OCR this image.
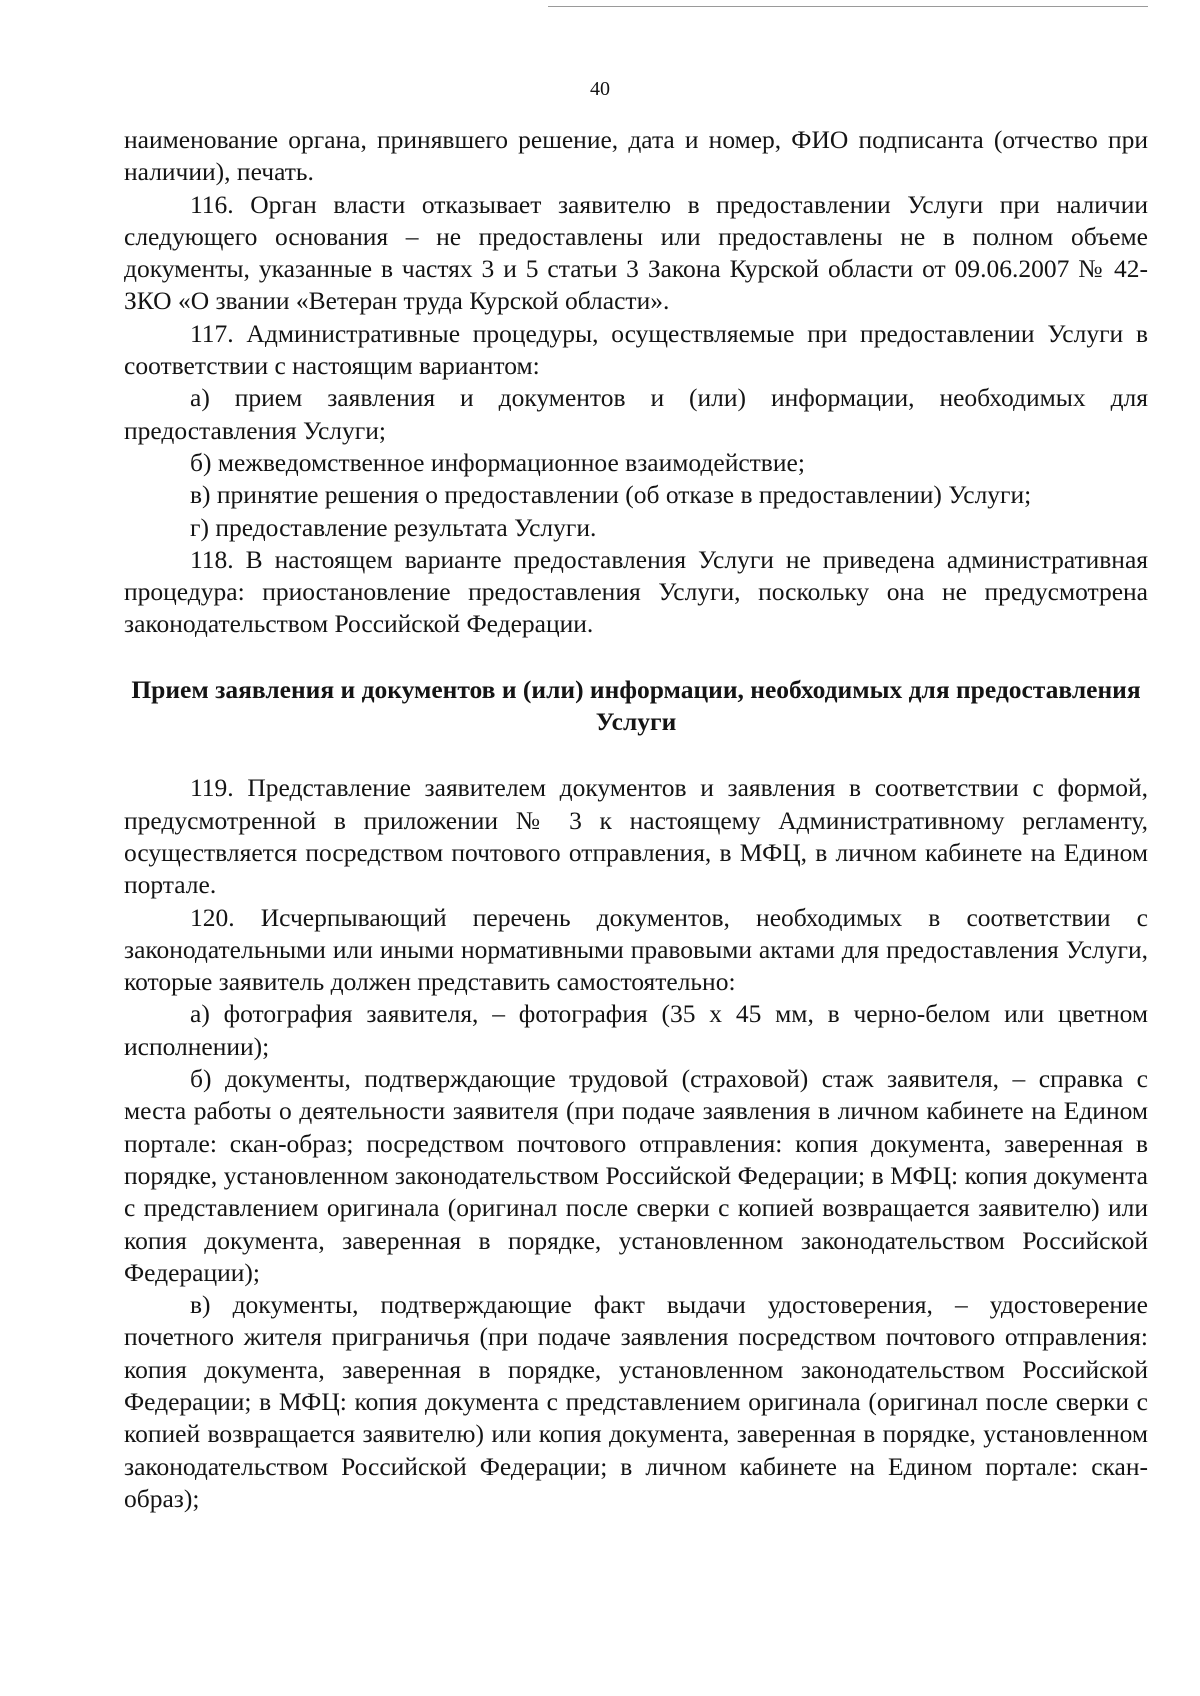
40

наименование органа, принявшего решение, дата и номер, ФИО подписанта (отчество при наличии), печать.

116. Орган власти отказывает заявителю в предоставлении Услуги при наличии следующего основания – не предоставлены или предоставлены не в полном объеме документы, указанные в частях 3 и 5 статьи 3 Закона Курской области от 09.06.2007 № 42-ЗКО «О звании «Ветеран труда Курской области».

117. Административные процедуры, осуществляемые при предоставлении Услуги в соответствии с настоящим вариантом:

а) прием заявления и документов и (или) информации, необходимых для предоставления Услуги;

б) межведомственное информационное взаимодействие;

в) принятие решения о предоставлении (об отказе в предоставлении) Услуги;

г) предоставление результата Услуги.

118. В настоящем варианте предоставления Услуги не приведена административная процедура: приостановление предоставления Услуги, поскольку она не предусмотрена законодательством Российской Федерации.

Прием заявления и документов и (или) информации, необходимых для предоставления Услуги

119. Представление заявителем документов и заявления в соответствии с формой, предусмотренной в приложении № 3 к настоящему Административному регламенту, осуществляется посредством почтового отправления, в МФЦ, в личном кабинете на Едином портале.

120. Исчерпывающий перечень документов, необходимых в соответствии с законодательными или иными нормативными правовыми актами для предоставления Услуги, которые заявитель должен представить самостоятельно:

а) фотография заявителя, – фотография (35 x 45 мм, в черно-белом или цветном исполнении);

б) документы, подтверждающие трудовой (страховой) стаж заявителя, – справка с места работы о деятельности заявителя (при подаче заявления в личном кабинете на Едином портале: скан-образ; посредством почтового отправления: копия документа, заверенная в порядке, установленном законодательством Российской Федерации; в МФЦ: копия документа с представлением оригинала (оригинал после сверки с копией возвращается заявителю) или копия документа, заверенная в порядке, установленном законодательством Российской Федерации);

в) документы, подтверждающие факт выдачи удостоверения, – удостоверение почетного жителя приграничья (при подаче заявления посредством почтового отправления: копия документа, заверенная в порядке, установленном законодательством Российской Федерации; в МФЦ: копия документа с представлением оригинала (оригинал после сверки с копией возвращается заявителю) или копия документа, заверенная в порядке, установленном законодательством Российской Федерации; в личном кабинете на Едином портале: скан-образ);
